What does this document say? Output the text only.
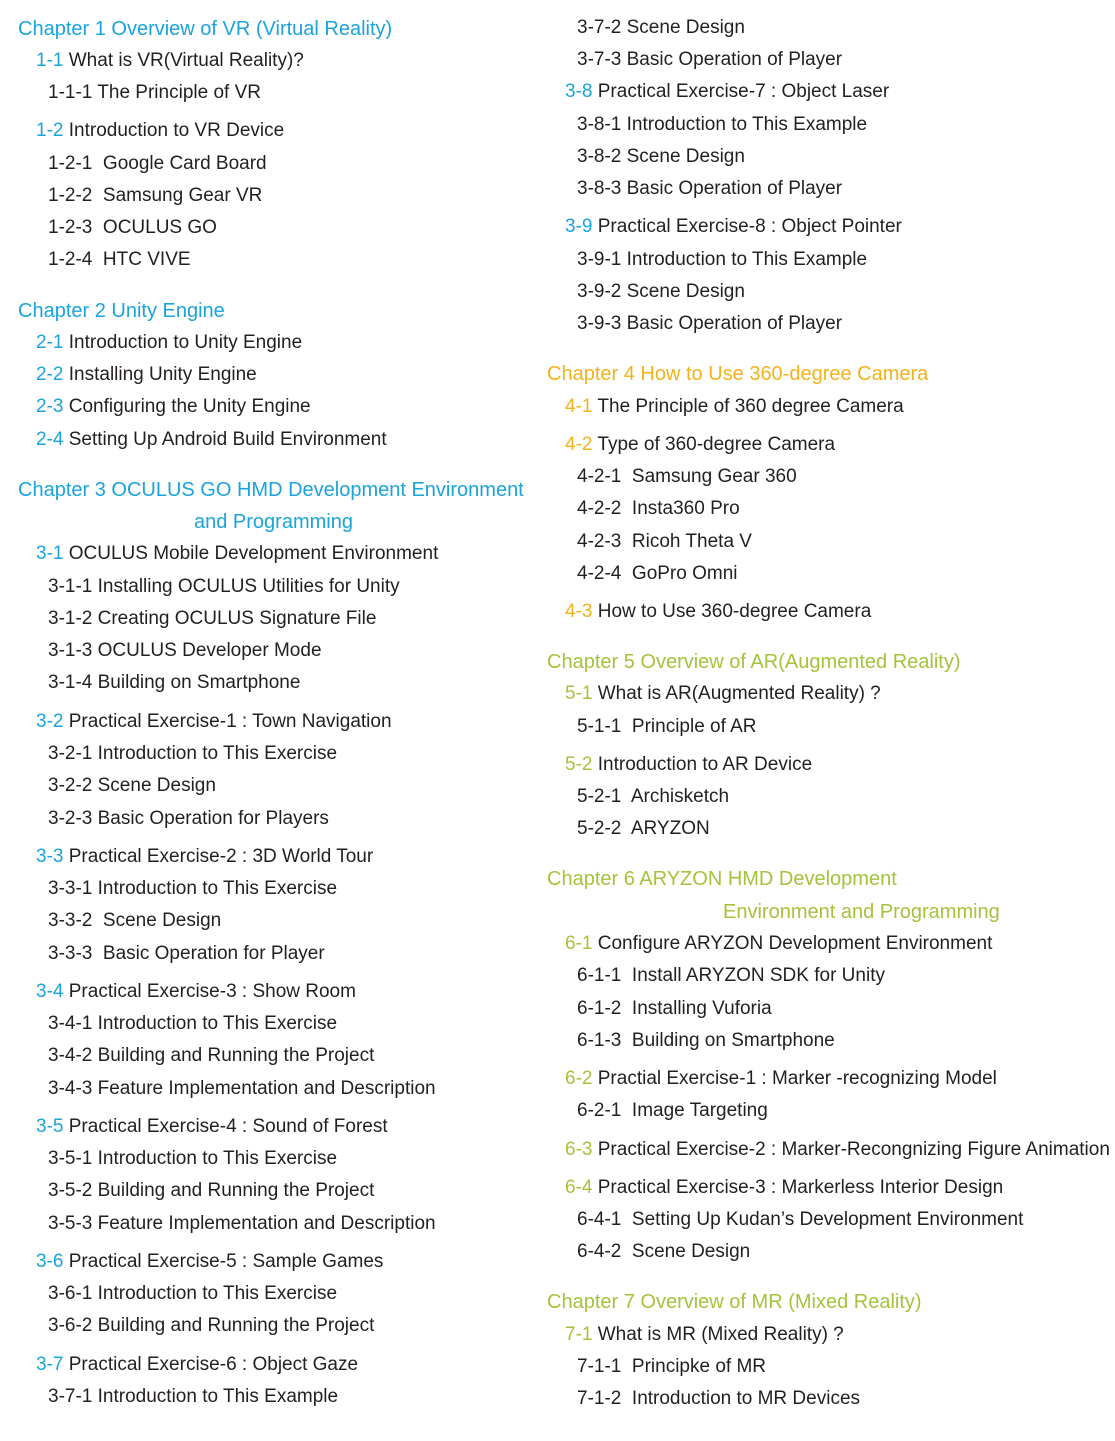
Chapter 1 Overview of VR (Virtual Reality)
1-1 What is VR(Virtual Reality)?
1-1-1 The Principle of VR
1-2 Introduction to VR Device
1-2-1  Google Card Board
1-2-2  Samsung Gear VR
1-2-3  OCULUS GO
1-2-4  HTC VIVE
Chapter 2 Unity Engine
2-1 Introduction to Unity Engine
2-2 Installing Unity Engine
2-3 Configuring the Unity Engine
2-4 Setting Up Android Build Environment
Chapter 3 OCULUS GO HMD Development Environment
and Programming
3-1 OCULUS Mobile Development Environment
3-1-1 Installing OCULUS Utilities for Unity
3-1-2 Creating OCULUS Signature File
3-1-3 OCULUS Developer Mode
3-1-4 Building on Smartphone
3-2 Practical Exercise-1 : Town Navigation
3-2-1 Introduction to This Exercise
3-2-2 Scene Design
3-2-3 Basic Operation for Players
3-3 Practical Exercise-2 : 3D World Tour
3-3-1 Introduction to This Exercise
3-3-2  Scene Design
3-3-3  Basic Operation for Player
3-4 Practical Exercise-3 : Show Room
3-4-1 Introduction to This Exercise
3-4-2 Building and Running the Project
3-4-3 Feature Implementation and Description
3-5 Practical Exercise-4 : Sound of Forest
3-5-1 Introduction to This Exercise
3-5-2 Building and Running the Project
3-5-3 Feature Implementation and Description
3-6 Practical Exercise-5 : Sample Games
3-6-1 Introduction to This Exercise
3-6-2 Building and Running the Project
3-7 Practical Exercise-6 : Object Gaze
3-7-1 Introduction to This Example
3-7-2 Scene Design
3-7-3 Basic Operation of Player
3-8 Practical Exercise-7 : Object Laser
3-8-1 Introduction to This Example
3-8-2 Scene Design
3-8-3 Basic Operation of Player
3-9 Practical Exercise-8 : Object Pointer
3-9-1 Introduction to This Example
3-9-2 Scene Design
3-9-3 Basic Operation of Player
Chapter 4 How to Use 360-degree Camera
4-1 The Principle of 360 degree Camera
4-2 Type of 360-degree Camera
4-2-1  Samsung Gear 360
4-2-2  Insta360 Pro
4-2-3  Ricoh Theta V
4-2-4  GoPro Omni
4-3 How to Use 360-degree Camera
Chapter 5 Overview of AR(Augmented Reality)
5-1 What is AR(Augmented Reality) ?
5-1-1  Principle of AR
5-2 Introduction to AR Device
5-2-1  Archisketch
5-2-2  ARYZON
Chapter 6 ARYZON HMD Development
Environment and Programming
6-1 Configure ARYZON Development Environment
6-1-1  Install ARYZON SDK for Unity
6-1-2  Installing Vuforia
6-1-3  Building on Smartphone
6-2 Practial Exercise-1 : Marker -recognizing Model
6-2-1  Image Targeting
6-3 Practical Exercise-2 : Marker-Recongnizing Figure Animation
6-4 Practical Exercise-3 : Markerless Interior Design
6-4-1  Setting Up Kudan’s Development Environment
6-4-2  Scene Design
Chapter 7 Overview of MR (Mixed Reality)
7-1 What is MR (Mixed Reality) ?
7-1-1  Principke of MR
7-1-2  Introduction to MR Devices
